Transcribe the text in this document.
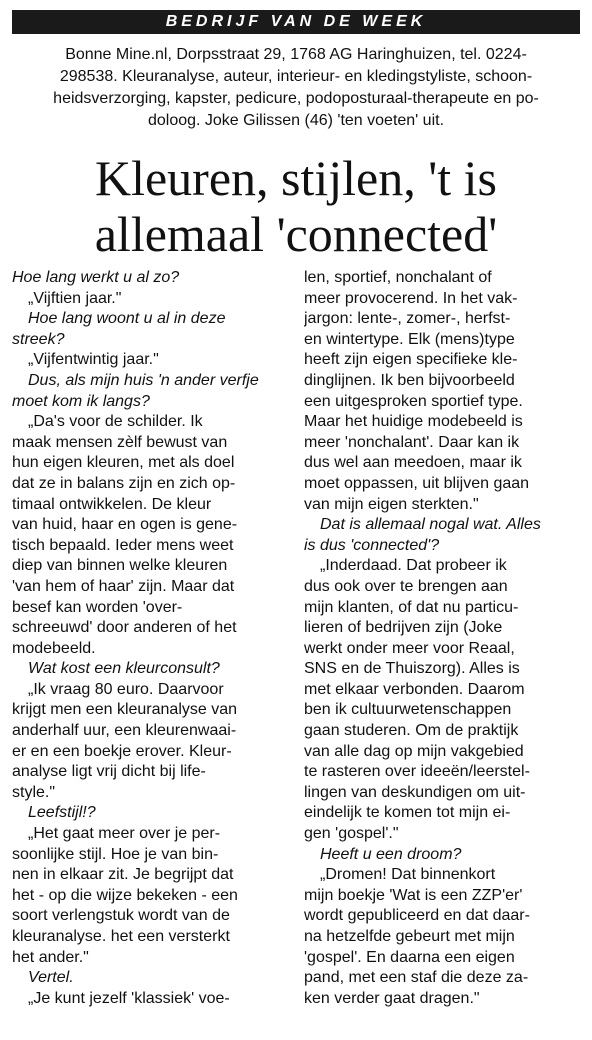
BEDRIJF VAN DE WEEK
Bonne Mine.nl, Dorpsstraat 29, 1768 AG Haringhuizen, tel. 0224-
298538. Kleuranalyse, auteur, interieur- en kledingstyliste, schoon-
heidsverzorging, kapster, pedicure, podoposturaal-therapeute en po-
doloog. Joke Gilissen (46) 'ten voeten' uit.
Kleuren, stijlen, 't is
allemaal 'connected'
Hoe lang werkt u al zo?
„Vijftien jaar."
Hoe lang woont u al in deze
streek?
„Vijfentwintig jaar."
Dus, als mijn huis 'n ander verfje
moet kom ik langs?
„Da's voor de schilder. Ik
maak mensen zèlf bewust van
hun eigen kleuren, met als doel
dat ze in balans zijn en zich op-
timaal ontwikkelen. De kleur
van huid, haar en ogen is gene-
tisch bepaald. Ieder mens weet
diep van binnen welke kleuren
'van hem of haar' zijn. Maar dat
besef kan worden 'over-
schreeuwd' door anderen of het
modebeeld.
Wat kost een kleurconsult?
„Ik vraag 80 euro. Daarvoor
krijgt men een kleuranalyse van
anderhalf uur, een kleurenwaai-
er en een boekje erover. Kleur-
analyse ligt vrij dicht bij life-
style."
Leefstijl!?
„Het gaat meer over je per-
soonlijke stijl. Hoe je van bin-
nen in elkaar zit. Je begrijpt dat
het - op die wijze bekeken - een
soort verlengstuk wordt van de
kleuranalyse. het een versterkt
het ander."
Vertel.
„Je kunt jezelf 'klassiek' voe-
len, sportief, nonchalant of
meer provocerend. In het vak-
jargon: lente-, zomer-, herfst-
en wintertype. Elk (mens)type
heeft zijn eigen specifieke kle-
dinglijnen. Ik ben bijvoorbeeld
een uitgesproken sportief type.
Maar het huidige modebeeld is
meer 'nonchalant'. Daar kan ik
dus wel aan meedoen, maar ik
moet oppassen, uit blijven gaan
van mijn eigen sterkten."
Dat is allemaal nogal wat. Alles
is dus 'connected'?
„Inderdaad. Dat probeer ik
dus ook over te brengen aan
mijn klanten, of dat nu particu-
lieren of bedrijven zijn (Joke
werkt onder meer voor Reaal,
SNS en de Thuiszorg). Alles is
met elkaar verbonden. Daarom
ben ik cultuurwetenschappen
gaan studeren. Om de praktijk
van alle dag op mijn vakgebied
te rasteren over ideeën/leerstel-
lingen van deskundigen om uit-
eindelijk te komen tot mijn ei-
gen 'gospel'."
Heeft u een droom?
„Dromen! Dat binnenkort
mijn boekje 'Wat is een ZZP'er'
wordt gepubliceerd en dat daar-
na hetzelfde gebeurt met mijn
'gospel'. En daarna een eigen
pand, met een staf die deze za-
ken verder gaat dragen."
